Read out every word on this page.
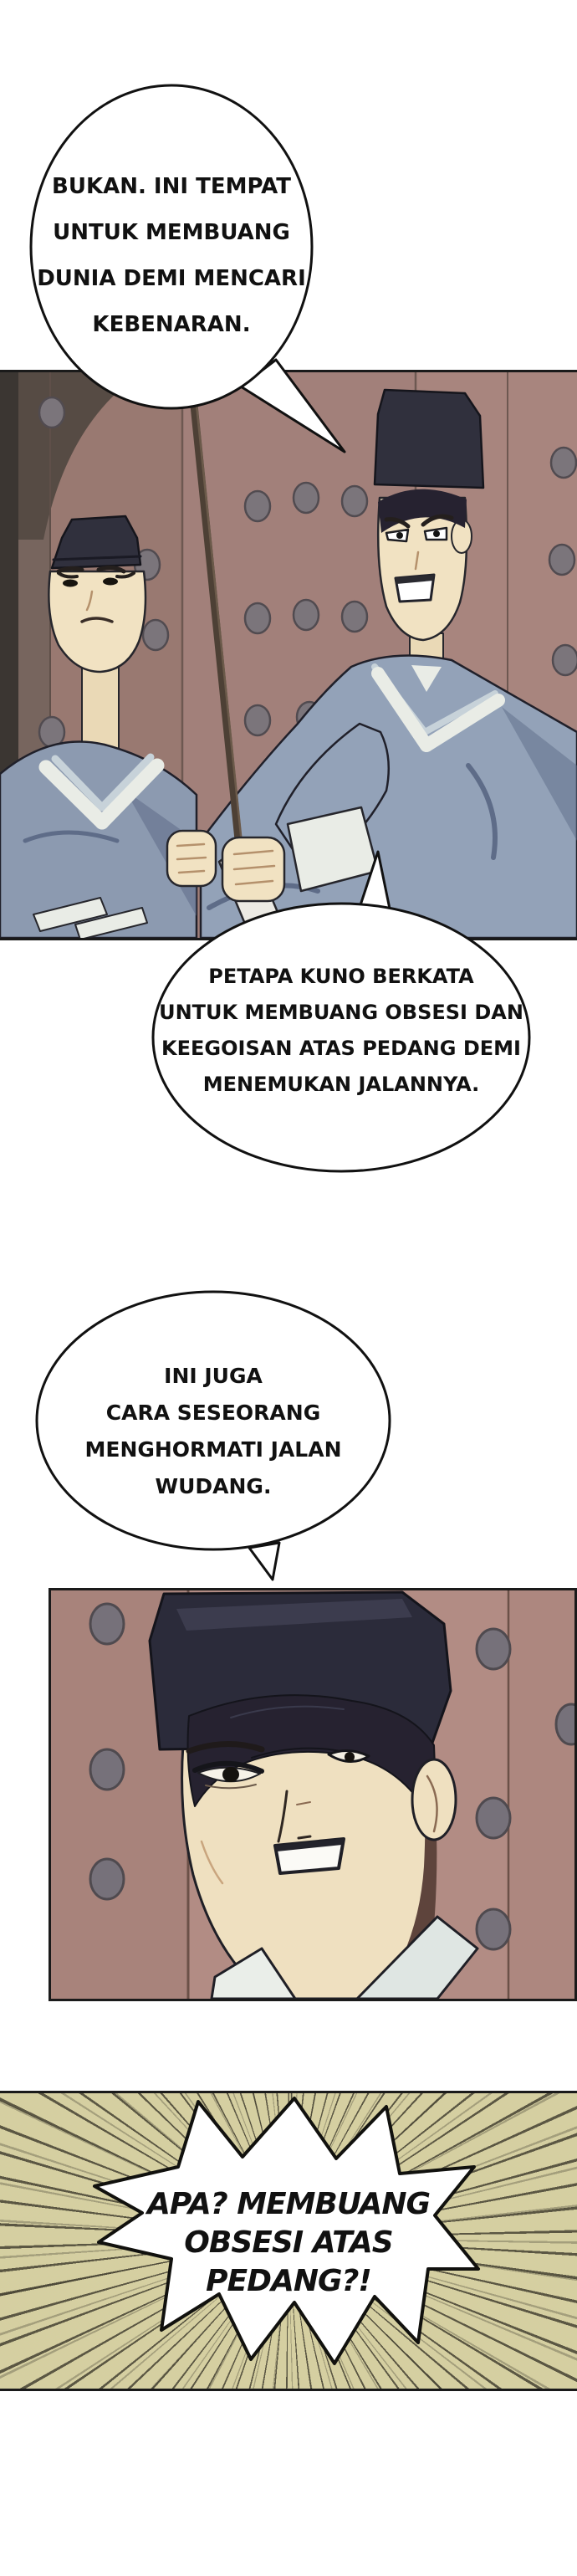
BUKAN. INI TEMPAT
UNTUK MEMBUANG
DUNIA DEMI MENCARI
KEBENARAN.
PETAPA KUNO BERKATA
UNTUK MEMBUANG OBSESI DAN
KEEGOISAN ATAS PEDANG DEMI
MENEMUKAN JALANNYA.
INI JUGA
CARA SESEORANG
MENGHORMATI JALAN
WUDANG.
APA? MEMBUANG
OBSESI ATAS
PEDANG?!
